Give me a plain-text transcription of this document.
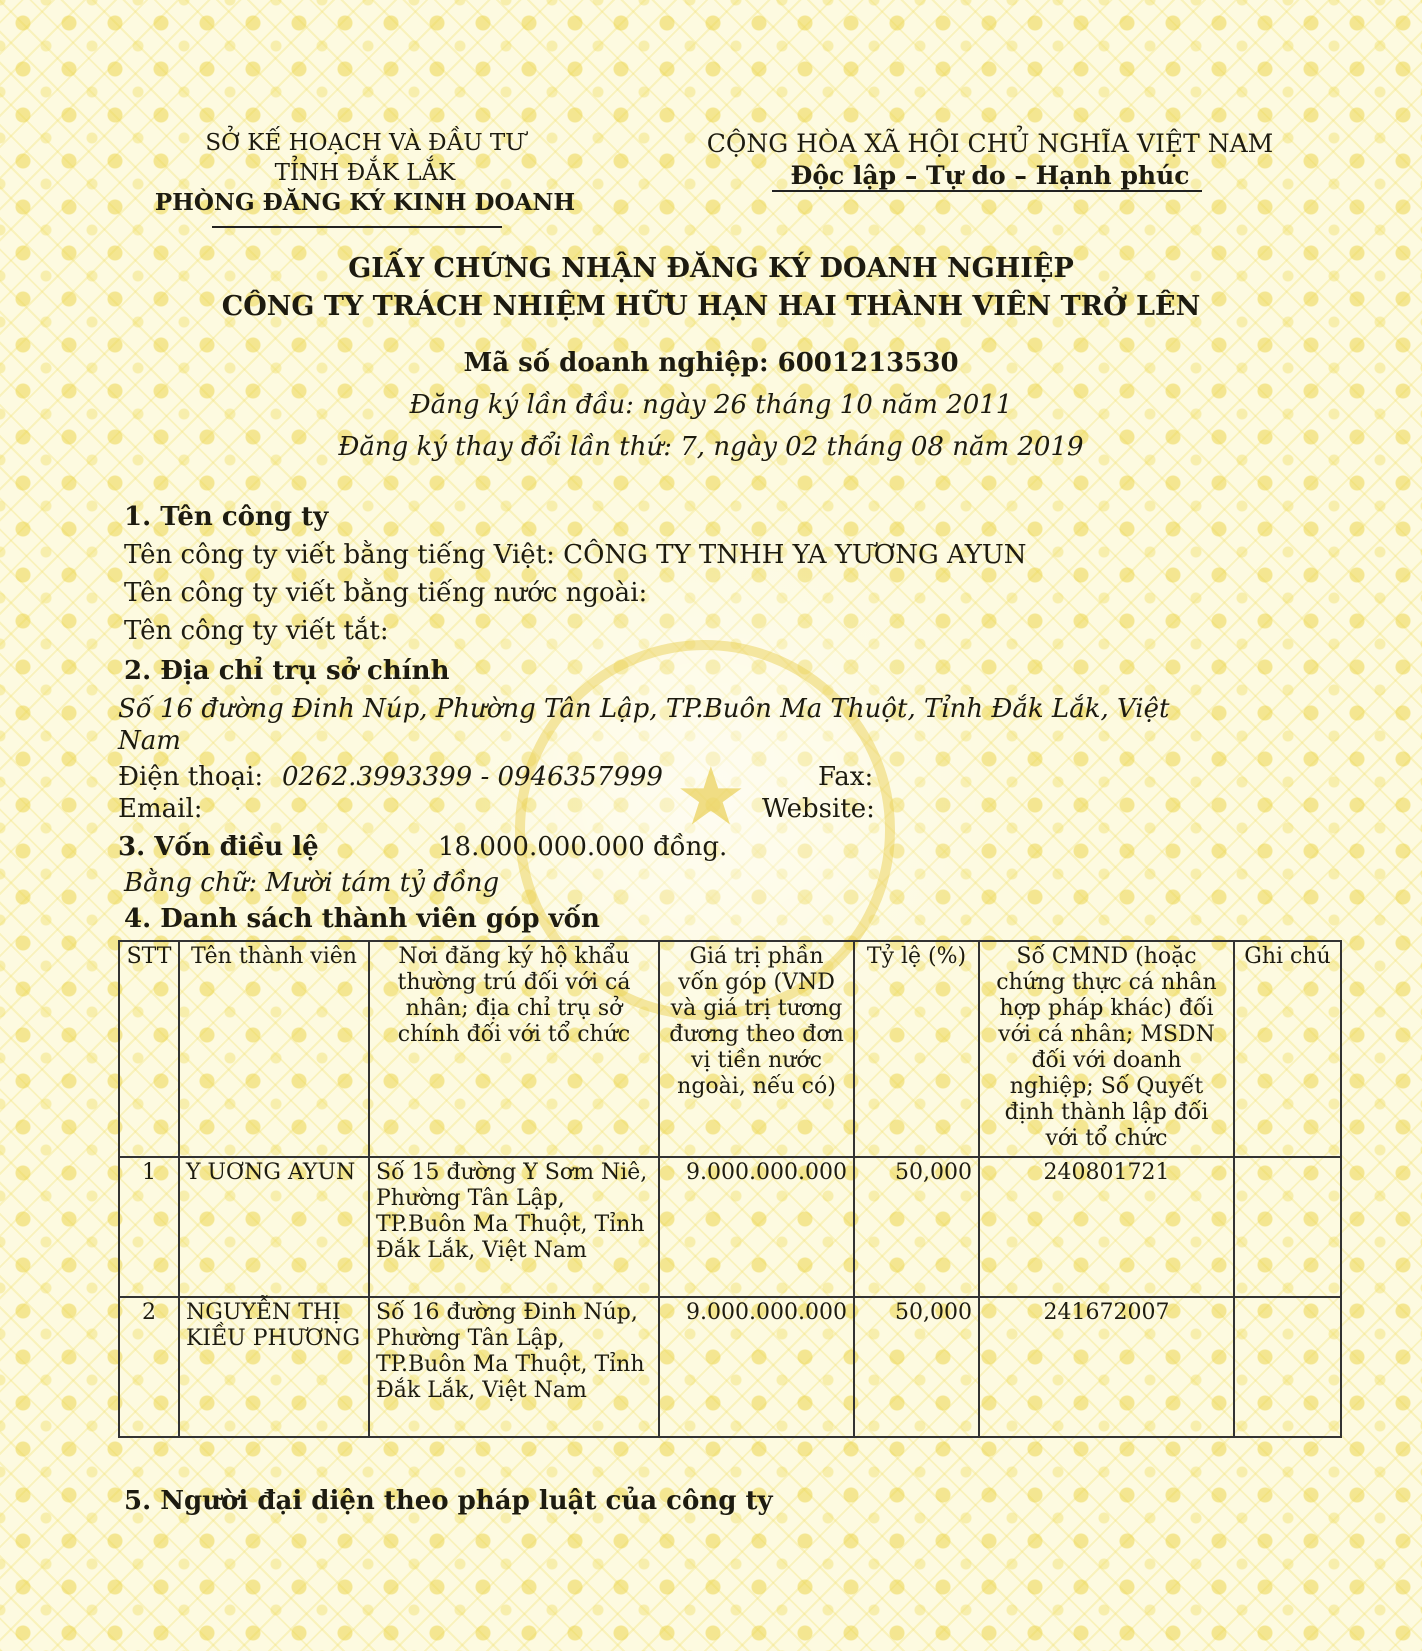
★
SỞ KẾ HOẠCH VÀ ĐẦU TƯ
TỈNH ĐẮK LẮK
PHÒNG ĐĂNG KÝ KINH DOANH
CỘNG HÒA XÃ HỘI CHỦ NGHĨA VIỆT NAM
Độc lập – Tự do – Hạnh phúc
GIẤY CHỨNG NHẬN ĐĂNG KÝ DOANH NGHIỆP
CÔNG TY TRÁCH NHIỆM HỮU HẠN HAI THÀNH VIÊN TRỞ LÊN
Mã số doanh nghiệp: 6001213530
Đăng ký lần đầu: ngày 26 tháng 10 năm 2011
Đăng ký thay đổi lần thứ: 7, ngày 02 tháng 08 năm 2019
1. Tên công ty
Tên công ty viết bằng tiếng Việt: CÔNG TY TNHH YA YƯƠNG AYUN
Tên công ty viết bằng tiếng nước ngoài:
Tên công ty viết tắt:
2. Địa chỉ trụ sở chính
Số 16 đường Đinh Núp, Phường Tân Lập, TP.Buôn Ma Thuột, Tỉnh Đắk Lắk, Việt
Nam
Điện thoại: 0262.3993399 - 0946357999	Fax:
Email:	Website:
3. Vốn điều lệ	18.000.000.000 đồng.
Bằng chữ: Mười tám tỷ đồng
4. Danh sách thành viên góp vốn
STT	Tên thành viên	Nơi đăng ký hộ khẩu thường trú đối với cá nhân; địa chỉ trụ sở chính đối với tổ chức	Giá trị phần vốn góp (VND và giá trị tương đương theo đơn vị tiền nước ngoài, nếu có)	Tỷ lệ (%)	Số CMND (hoặc chứng thực cá nhân hợp pháp khác) đối với cá nhân; MSDN đối với doanh nghiệp; Số Quyết định thành lập đối với tổ chức	Ghi chú
1	Y UƠNG AYUN	Số 15 đường Y Sơm Niê, Phường Tân Lập, TP.Buôn Ma Thuột, Tỉnh Đắk Lắk, Việt Nam	9.000.000.000	50,000	240801721	
2	NGUYỄN THỊ KIỀU PHƯƠNG	Số 16 đường Đinh Núp, Phường Tân Lập, TP.Buôn Ma Thuột, Tỉnh Đắk Lắk, Việt Nam	9.000.000.000	50,000	241672007	
5. Người đại diện theo pháp luật của công ty
